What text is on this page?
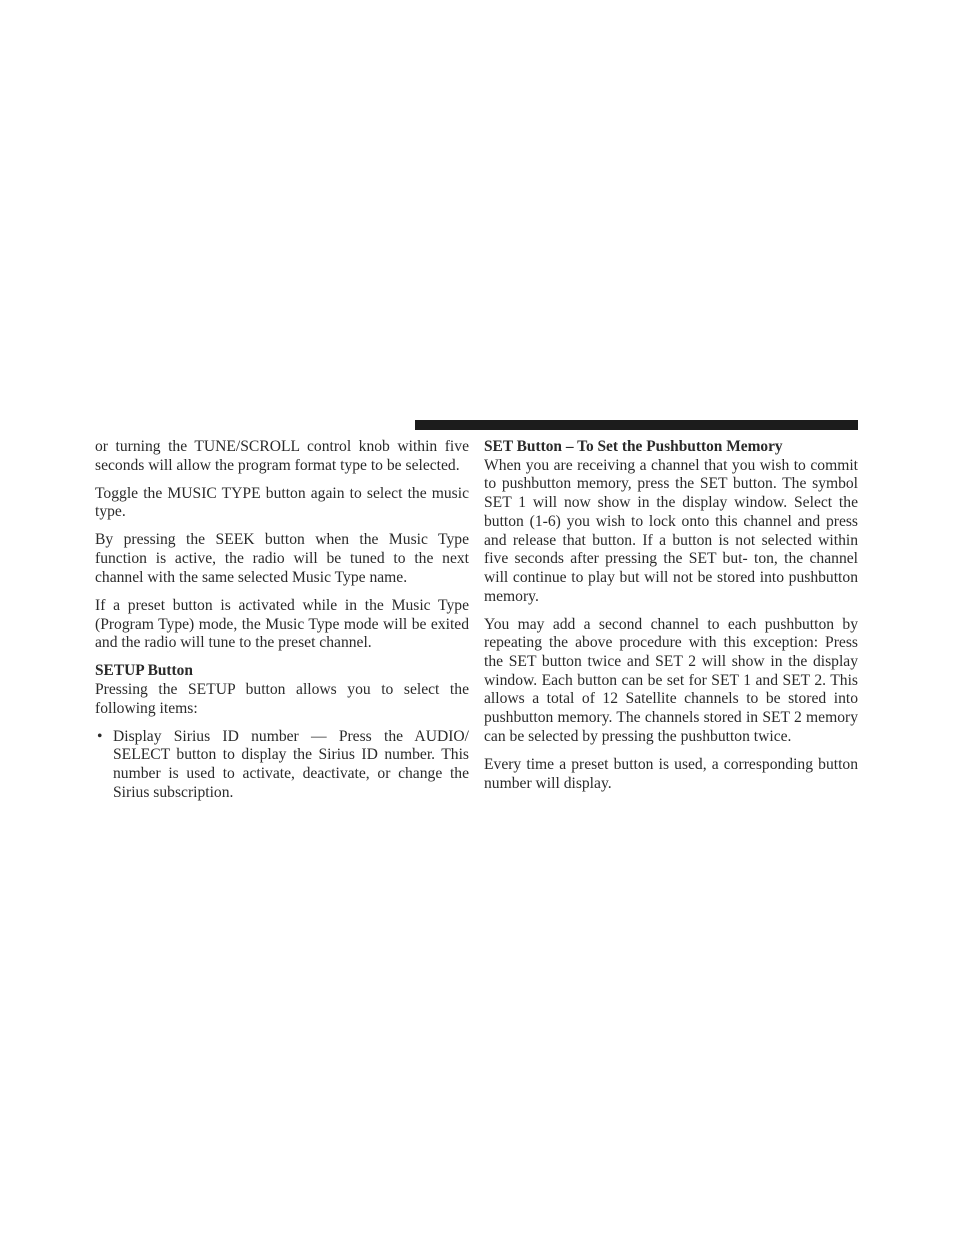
or turning the TUNE/SCROLL control knob within five seconds will allow the program format type to be selected.

Toggle the MUSIC TYPE button again to select the music type.

By pressing the SEEK button when the Music Type function is active, the radio will be tuned to the next channel with the same selected Music Type name.

If a preset button is activated while in the Music Type (Program Type) mode, the Music Type mode will be exited and the radio will tune to the preset channel.

SETUP Button

Pressing the SETUP button allows you to select the following items:

• Display Sirius ID number — Press the AUDIO/ SELECT button to display the Sirius ID number. This number is used to activate, deactivate, or change the Sirius subscription.
SET Button – To Set the Pushbutton Memory

When you are receiving a channel that you wish to commit to pushbutton memory, press the SET button. The symbol SET 1 will now show in the display window. Select the button (1-6) you wish to lock onto this channel and press and release that button. If a button is not selected within five seconds after pressing the SET but- ton, the channel will continue to play but will not be stored into pushbutton memory.

You may add a second channel to each pushbutton by repeating the above procedure with this exception: Press the SET button twice and SET 2 will show in the display window. Each button can be set for SET 1 and SET 2. This allows a total of 12 Satellite channels to be stored into pushbutton memory. The channels stored in SET 2 memory can be selected by pressing the pushbutton twice.

Every time a preset button is used, a corresponding button number will display.
